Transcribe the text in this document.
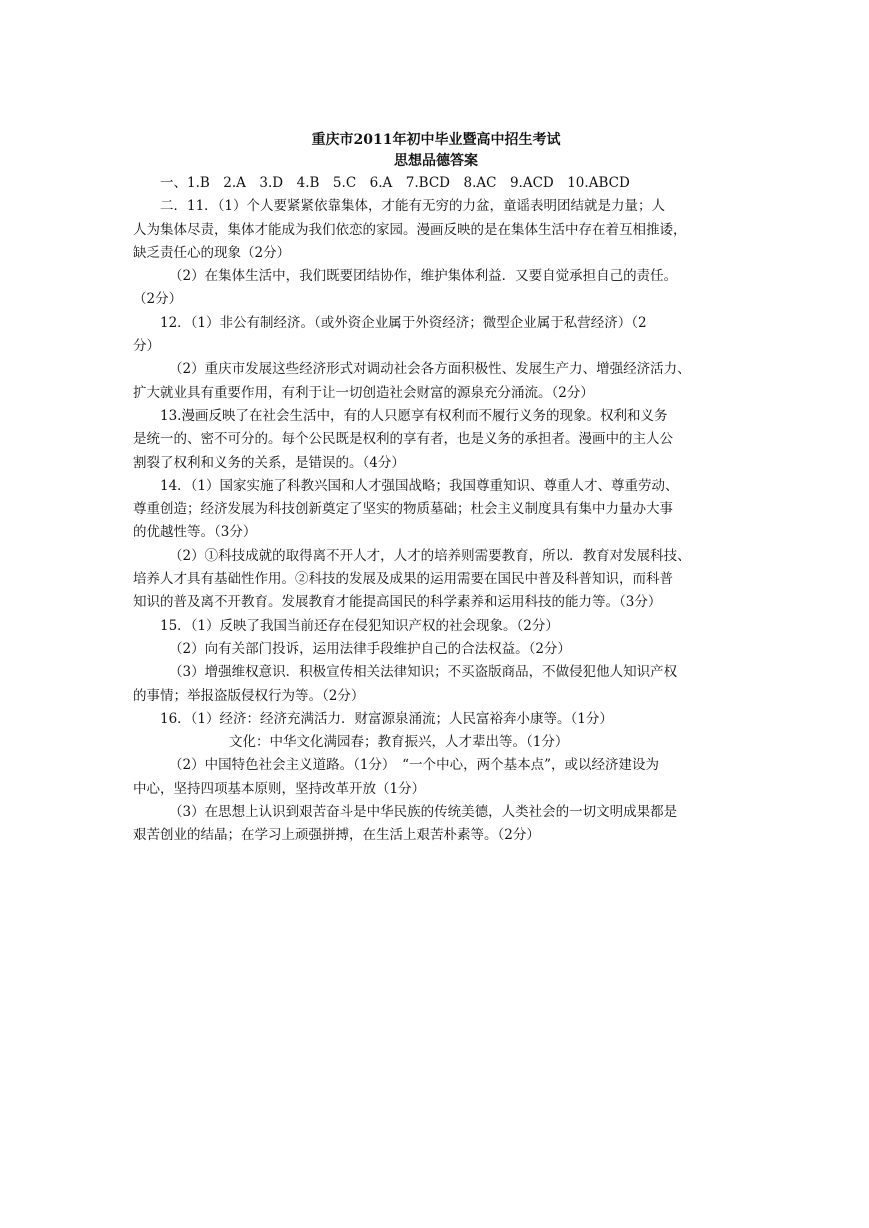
重庆市2011年初中毕业暨高中招生考试

思想品德答案

一、1.B　2.A　3.D　4.B　5.C　6.A　7.BCD　8.AC　9.ACD　10.ABCD

二．11．（1）个人要紧紧依靠集体，才能有无穷的力盆，童谣表明团结就是力量；人

人为集体尽责，集体才能成为我们依恋的家园。漫画反映的是在集体生活中存在着互相推诿，

缺乏责任心的现象（2分）

（2）在集体生活中，我们既要团结协作，维护集体利益．又要自觉承担自己的责任。

（2分）

12．（1）非公有制经济。（或外资企业属于外资经济；微型企业属于私营经济）（2

分）

（2）重庆市发展这些经济形式对调动社会各方面积极性、发展生产力、增强经济活力、

扩大就业具有重要作用，有利于让一切创造社会财富的源泉充分涌流。（2分）

13.漫画反映了在社会生活中，有的人只愿享有权利而不履行义务的现象。权利和义务

是统一的、密不可分的。每个公民既是权利的享有者，也是义务的承担者。漫画中的主人公

割裂了权利和义务的关系，是错误的。（4分）

14．（1）国家实施了科教兴国和人才强国战略；我国尊重知识、尊重人才、尊重劳动、

尊重创造；经济发展为科技创新奠定了坚实的物质墓础；杜会主义制度具有集中力量办大事

的优越性等。（3分）

（2）①科技成就的取得离不开人才，人才的培养则需要教育，所以．教育对发展科技、

培养人才具有基础性作用。②科技的发展及成果的运用需要在国民中普及科普知识，而科普

知识的普及离不开教育。发展教育才能提高国民的科学素养和运用科技的能力等。（3分）

15．（1）反映了我国当前还存在侵犯知识产权的社会现象。（2分）

（2）向有关部门投诉，运用法律手段维护自己的合法权益。（2分）

（3）增强维权意识．积极宣传相关法律知识；不买盗版商品，不做侵犯他人知识产权

的事情；举报盗版侵权行为等。（2分）

16．（1）经济：经济充满活力．财富源泉涌流；人民富裕奔小康等。（1分）

文化：中华文化满园春；教育振兴，人才辈出等。（1分）

（2）中国特色社会主义道路。（1分）　“一个中心，两个基本点”，或以经济建设为

中心，坚持四项基本原则，坚持改革开放（1分）

（3）在思想上认识到艰苦奋斗是中华民族的传统美德，人类社会的一切文明成果都是

艰苦创业的结晶；在学习上顽强拼搏，在生活上艰苦朴素等。（2分）
